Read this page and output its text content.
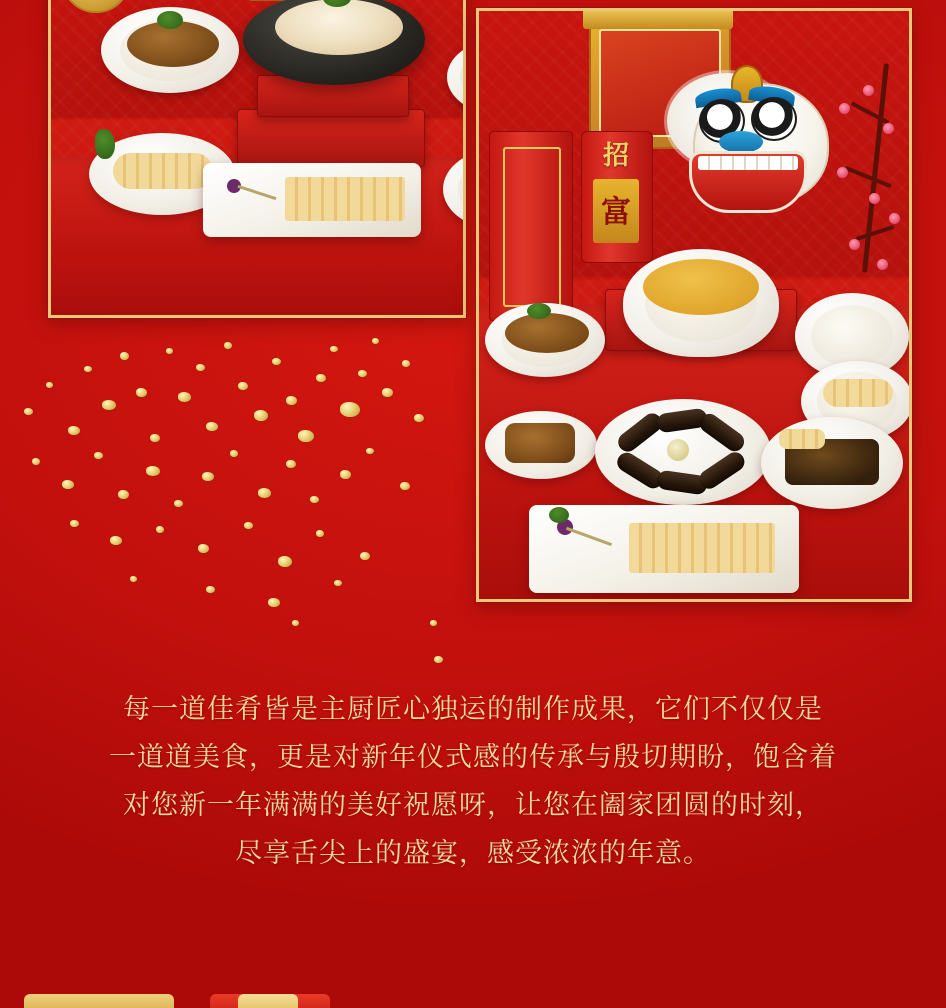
招
富

每一道佳肴皆是主厨匠心独运的制作成果，它们不仅仅是

一道道美食，更是对新年仪式感的传承与殷切期盼，饱含着

对您新一年满满的美好祝愿呀，让您在阖家团圆的时刻，

尽享舌尖上的盛宴，感受浓浓的年意。
